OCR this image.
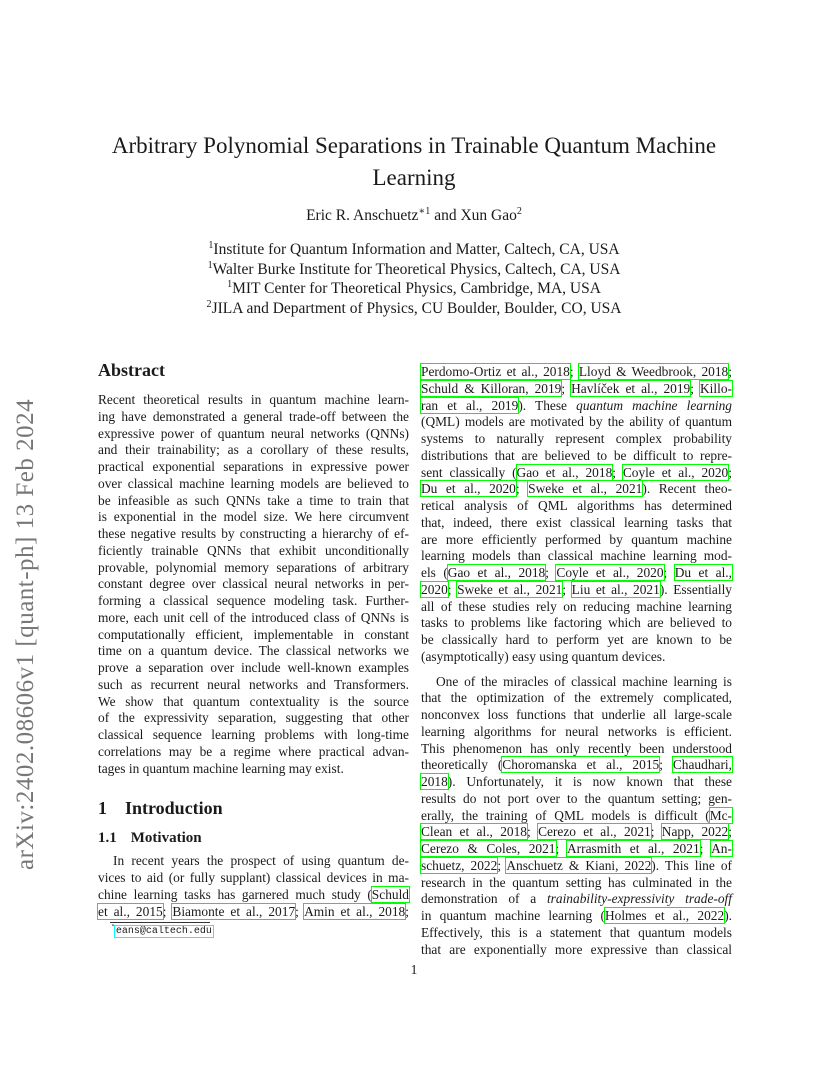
arXiv:2402.08606v1 [quant-ph] 13 Feb 2024
Arbitrary Polynomial Separations in Trainable Quantum Machine
Learning
Eric R. Anschuetz$^{∗1}$ and Xun Gao$^2$
$^1$Institute for Quantum Information and Matter, Caltech, CA, USA
$^1$Walter Burke Institute for Theoretical Physics, Caltech, CA, USA
$^1$MIT Center for Theoretical Physics, Cambridge, MA, USA
$^2$JILA and Department of Physics, CU Boulder, Boulder, CO, USA
Abstract
Recent theoretical results in quantum machine learn-
ing have demonstrated a general trade-off between the
expressive power of quantum neural networks (QNNs)
and their trainability; as a corollary of these results,
practical exponential separations in expressive power
over classical machine learning models are believed to
be infeasible as such QNNs take a time to train that
is exponential in the model size. We here circumvent
these negative results by constructing a hierarchy of ef-
ficiently trainable QNNs that exhibit unconditionally
provable, polynomial memory separations of arbitrary
constant degree over classical neural networks in per-
forming a classical sequence modeling task. Further-
more, each unit cell of the introduced class of QNNs is
computationally efficient, implementable in constant
time on a quantum device. The classical networks we
prove a separation over include well-known examples
such as recurrent neural networks and Transformers.
We show that quantum contextuality is the source
of the expressivity separation, suggesting that other
classical sequence learning problems with long-time
correlations may be a regime where practical advan-
tages in quantum machine learning may exist.
1 Introduction
1.1 Motivation
In recent years the prospect of using quantum de-
vices to aid (or fully supplant) classical devices in ma-
chine learning tasks has garnered much study (Schuld
et al., 2015; Biamonte et al., 2017; Amin et al., 2018;
*eans@caltech.edu
Perdomo-Ortiz et al., 2018; Lloyd & Weedbrook, 2018;
Schuld & Killoran, 2019; Havlíček et al., 2019; Killo-
ran et al., 2019). These quantum machine learning
(QML) models are motivated by the ability of quantum
systems to naturally represent complex probability
distributions that are believed to be difficult to repre-
sent classically (Gao et al., 2018; Coyle et al., 2020;
Du et al., 2020; Sweke et al., 2021). Recent theo-
retical analysis of QML algorithms has determined
that, indeed, there exist classical learning tasks that
are more efficiently performed by quantum machine
learning models than classical machine learning mod-
els (Gao et al., 2018; Coyle et al., 2020; Du et al.,
2020; Sweke et al., 2021; Liu et al., 2021). Essentially
all of these studies rely on reducing machine learning
tasks to problems like factoring which are believed to
be classically hard to perform yet are known to be
(asymptotically) easy using quantum devices.
One of the miracles of classical machine learning is
that the optimization of the extremely complicated,
nonconvex loss functions that underlie all large-scale
learning algorithms for neural networks is efficient.
This phenomenon has only recently been understood
theoretically (Choromanska et al., 2015; Chaudhari,
2018). Unfortunately, it is now known that these
results do not port over to the quantum setting; gen-
erally, the training of QML models is difficult (Mc-
Clean et al., 2018; Cerezo et al., 2021; Napp, 2022;
Cerezo & Coles, 2021; Arrasmith et al., 2021; An-
schuetz, 2022; Anschuetz & Kiani, 2022). This line of
research in the quantum setting has culminated in the
demonstration of a trainability-expressivity trade-off
in quantum machine learning (Holmes et al., 2022).
Effectively, this is a statement that quantum models
that are exponentially more expressive than classical
1
